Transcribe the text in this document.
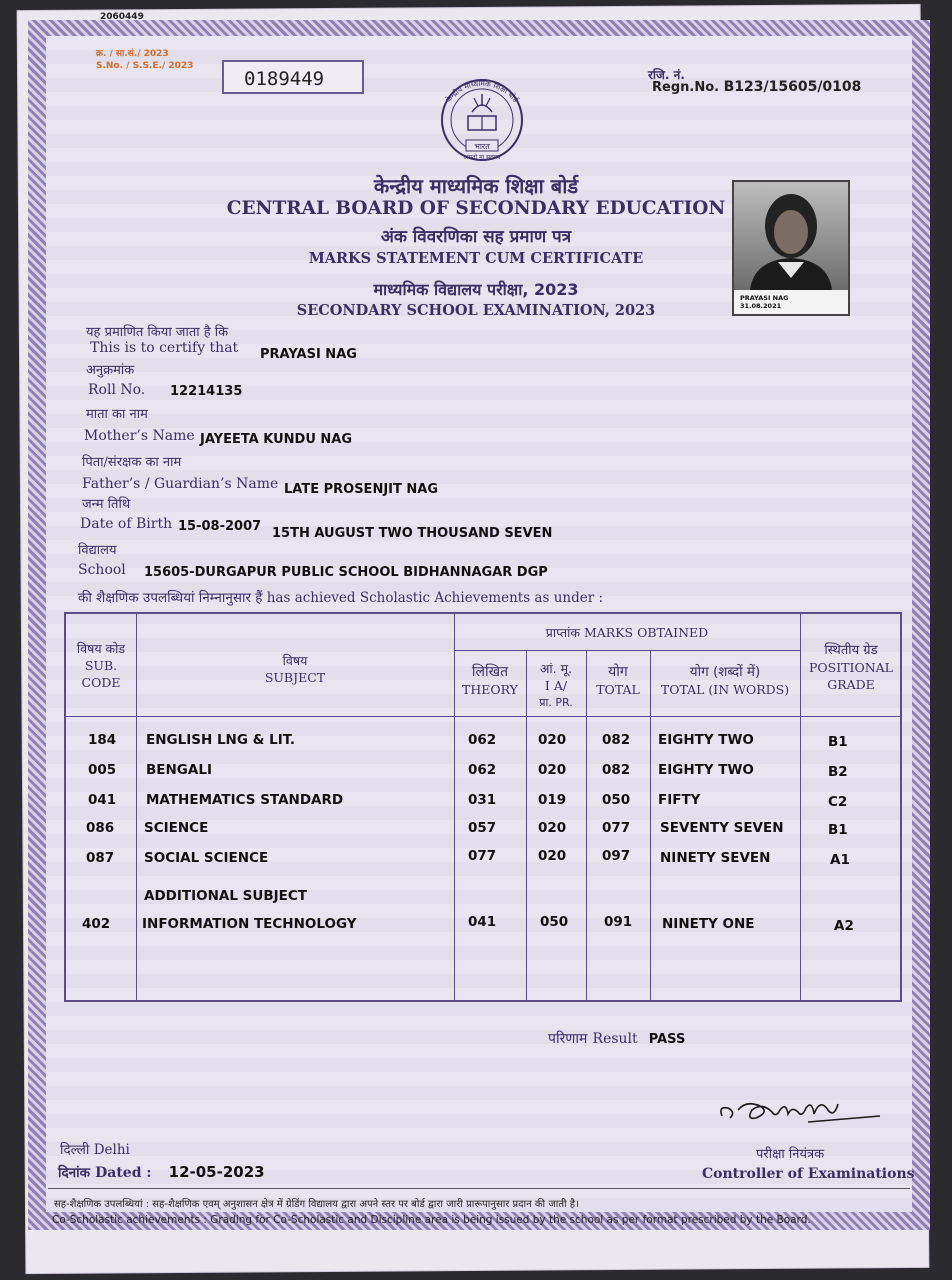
2060449
क्र. / सा.सं./ 2023
S.No. / S.S.E./ 2023
0189449	रजि. नं.
Regn.No. B123/15605/0108
केन्द्रीय माध्यमिक शिक्षा बोर्ड
भारत
असतो मा सद्गमय
केन्द्रीय माध्यमिक शिक्षा बोर्ड
CENTRAL BOARD OF SECONDARY EDUCATION
अंक विवरणिका सह प्रमाण पत्र
MARKS STATEMENT CUM CERTIFICATE
माध्यमिक विद्यालय परीक्षा, 2023
SECONDARY SCHOOL EXAMINATION, 2023
PRAYASI NAG
31.08.2021
यह प्रमाणित किया जाता है कि
This is to certify that PRAYASI NAG
अनुक्रमांक
Roll No. 12214135
माता का नाम
Mother’s Name JAYEETA KUNDU NAG
पिता/संरक्षक का नाम
Father’s / Guardian’s Name LATE PROSENJIT NAG
जन्म तिथि
Date of Birth 15-08-2007 15TH AUGUST TWO THOUSAND SEVEN
विद्यालय
School 15605-DURGAPUR PUBLIC SCHOOL BIDHANNAGAR DGP
की शैक्षणिक उपलब्धियां निम्नानुसार हैं has achieved Scholastic Achievements as under :
विषय कोड
SUB.
CODE
विषय
SUBJECT
प्राप्तांक MARKS OBTAINED
लिखित
THEORY
आं. मू.
I A/
प्रा. PR.
योग
TOTAL
योग (शब्दों में)
TOTAL (IN WORDS)
स्थितीय ग्रेड
POSITIONAL
GRADE
184 ENGLISH LNG & LIT.	062	020	082 EIGHTY TWO	B1
005 BENGALI	062	020	082 EIGHTY TWO	B2
041 MATHEMATICS STANDARD	031	019	050 FIFTY	C2
086 SCIENCE	057	020	077 SEVENTY SEVEN	B1
087 SOCIAL SCIENCE	077	020	097 NINETY SEVEN	A1
ADDITIONAL SUBJECT
402 INFORMATION TECHNOLOGY	041	050	091 NINETY ONE	A2
परिणाम Result PASS
दिल्ली Delhi
दिनांक Dated : 12-05-2023
परीक्षा नियंत्रक
Controller of Examinations
सह-शैक्षणिक उपलब्धियां : सह-शैक्षणिक एवम् अनुशासन क्षेत्र में ग्रेडिंग विद्यालय द्वारा अपने स्तर पर बोर्ड द्वारा जारी प्रारूपानुसार प्रदान की जाती है।
Co-Scholastic achievements : Grading for Co-Scholastic and Discipline area is being issued by the school as per format prescribed by the Board.
